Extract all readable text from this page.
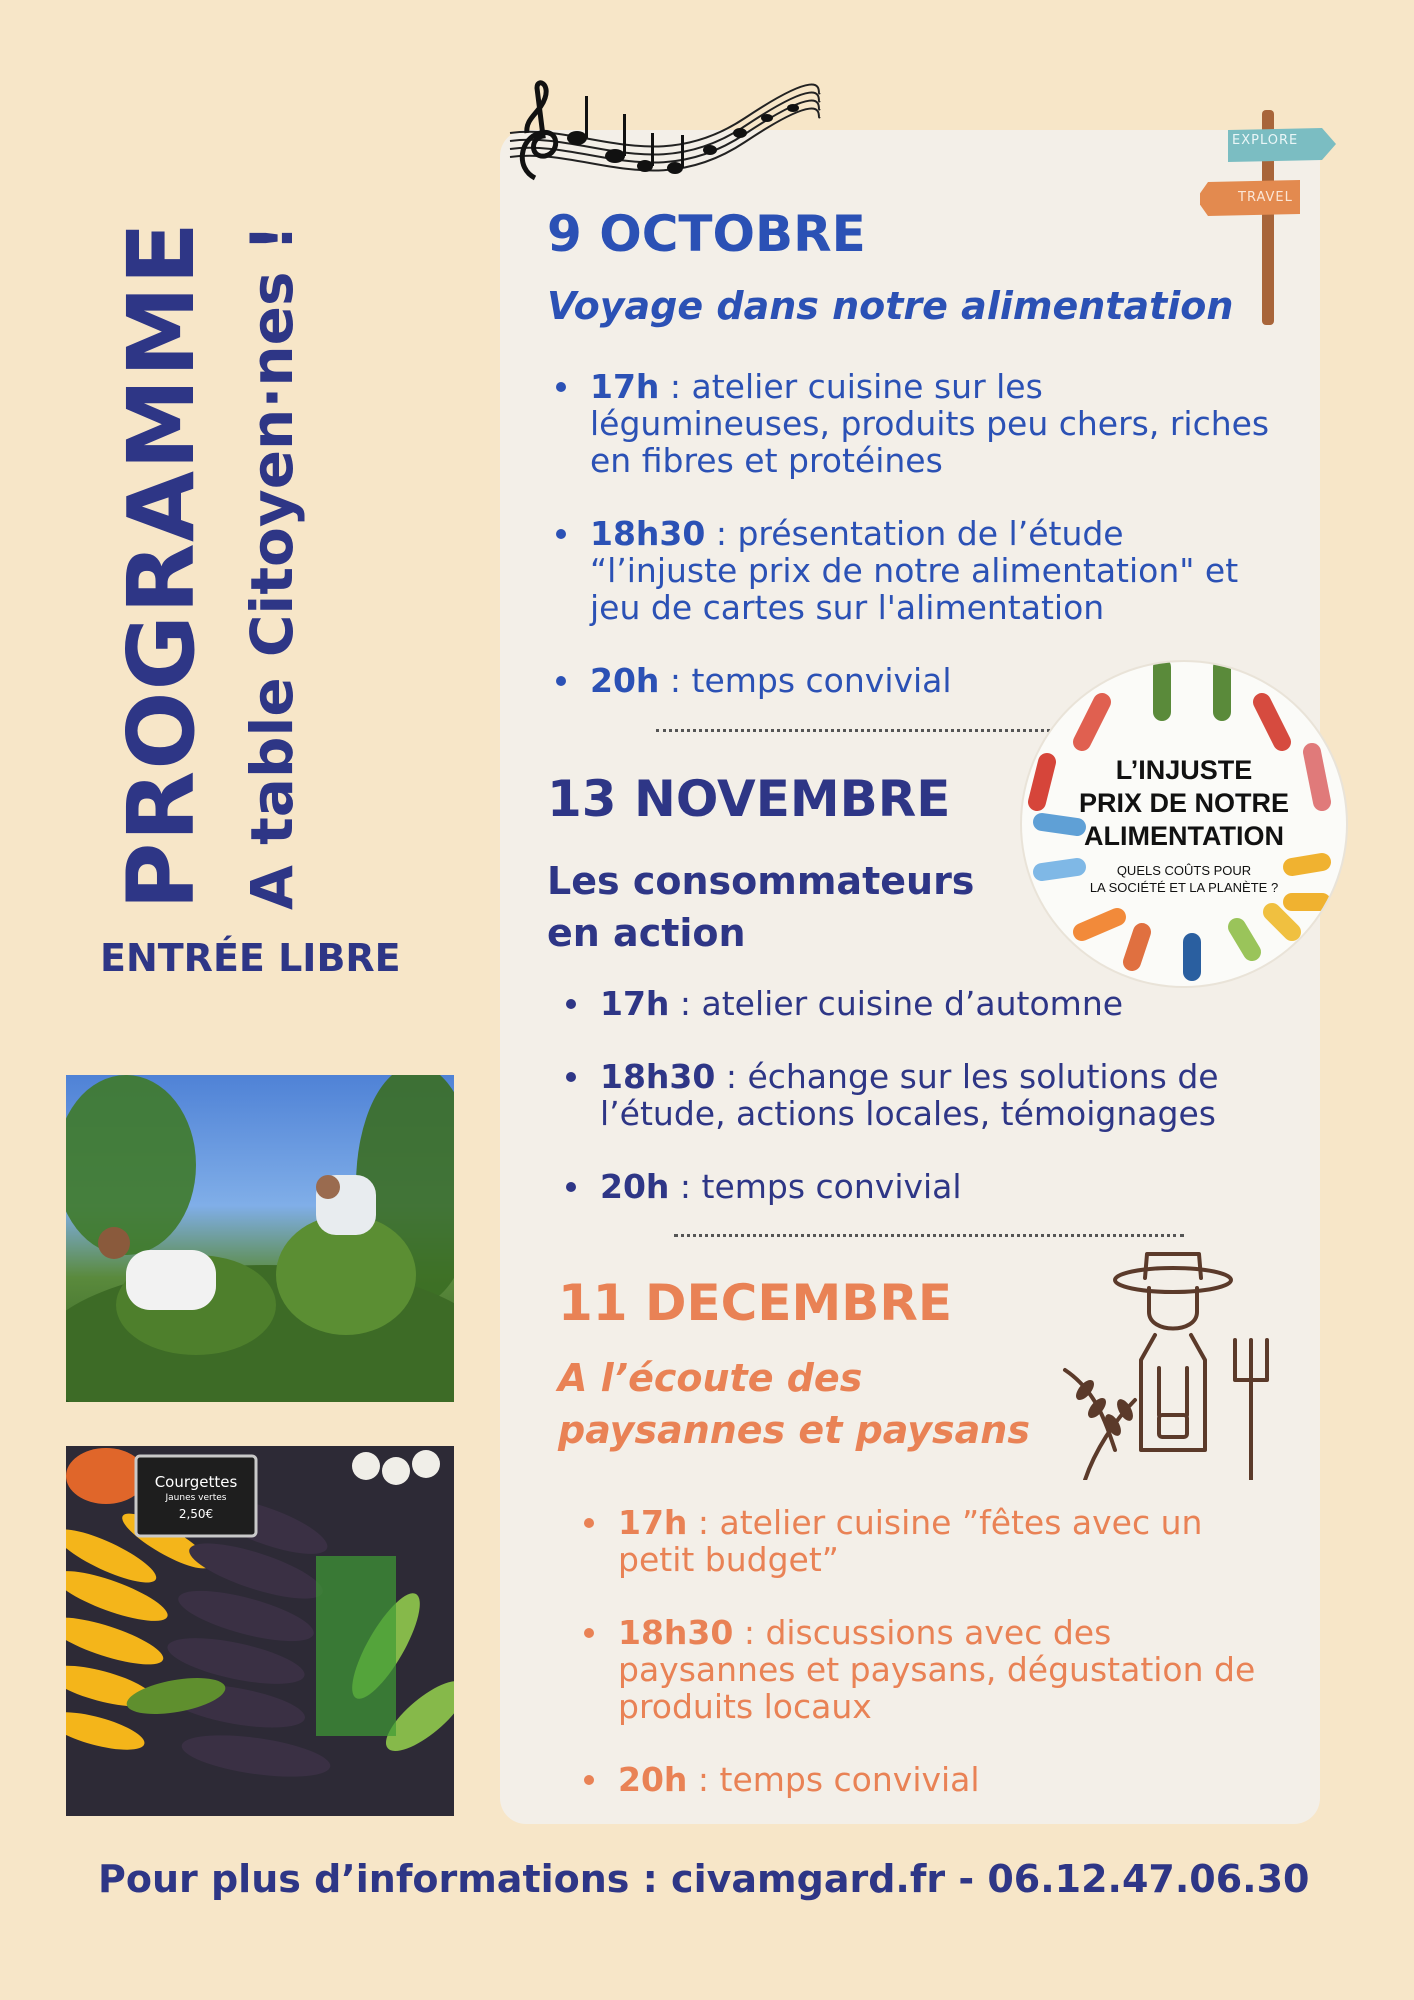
PROGRAMME A table Citoyen·nes !
ENTRÉE LIBRE
Courgettes
Jaunes vertes
2,50€
EXPLORE
TRAVEL
9 OCTOBRE
Voyage dans notre alimentation
17h : atelier cuisine sur les légumineuses, produits peu chers, riches en fibres et protéines
18h30 : présentation de l’étude “l’injuste prix de notre alimentation" et jeu de cartes sur l'alimentation
20h : temps convivial
L’INJUSTE
PRIX DE NOTRE
ALIMENTATION
QUELS COÛTS POUR
LA SOCIÉTÉ ET LA PLANÈTE ?
13 NOVEMBRE
Les consommateurs
en action
17h : atelier cuisine d’automne
18h30 : échange sur les solutions de l’étude, actions locales, témoignages
20h : temps convivial
11 DECEMBRE
A l’écoute des
paysannes et paysans
17h : atelier cuisine ”fêtes avec un petit budget”
18h30 : discussions avec des paysannes et paysans, dégustation de produits locaux
20h : temps convivial
Pour plus d’informations : civamgard.fr - 06.12.47.06.30
